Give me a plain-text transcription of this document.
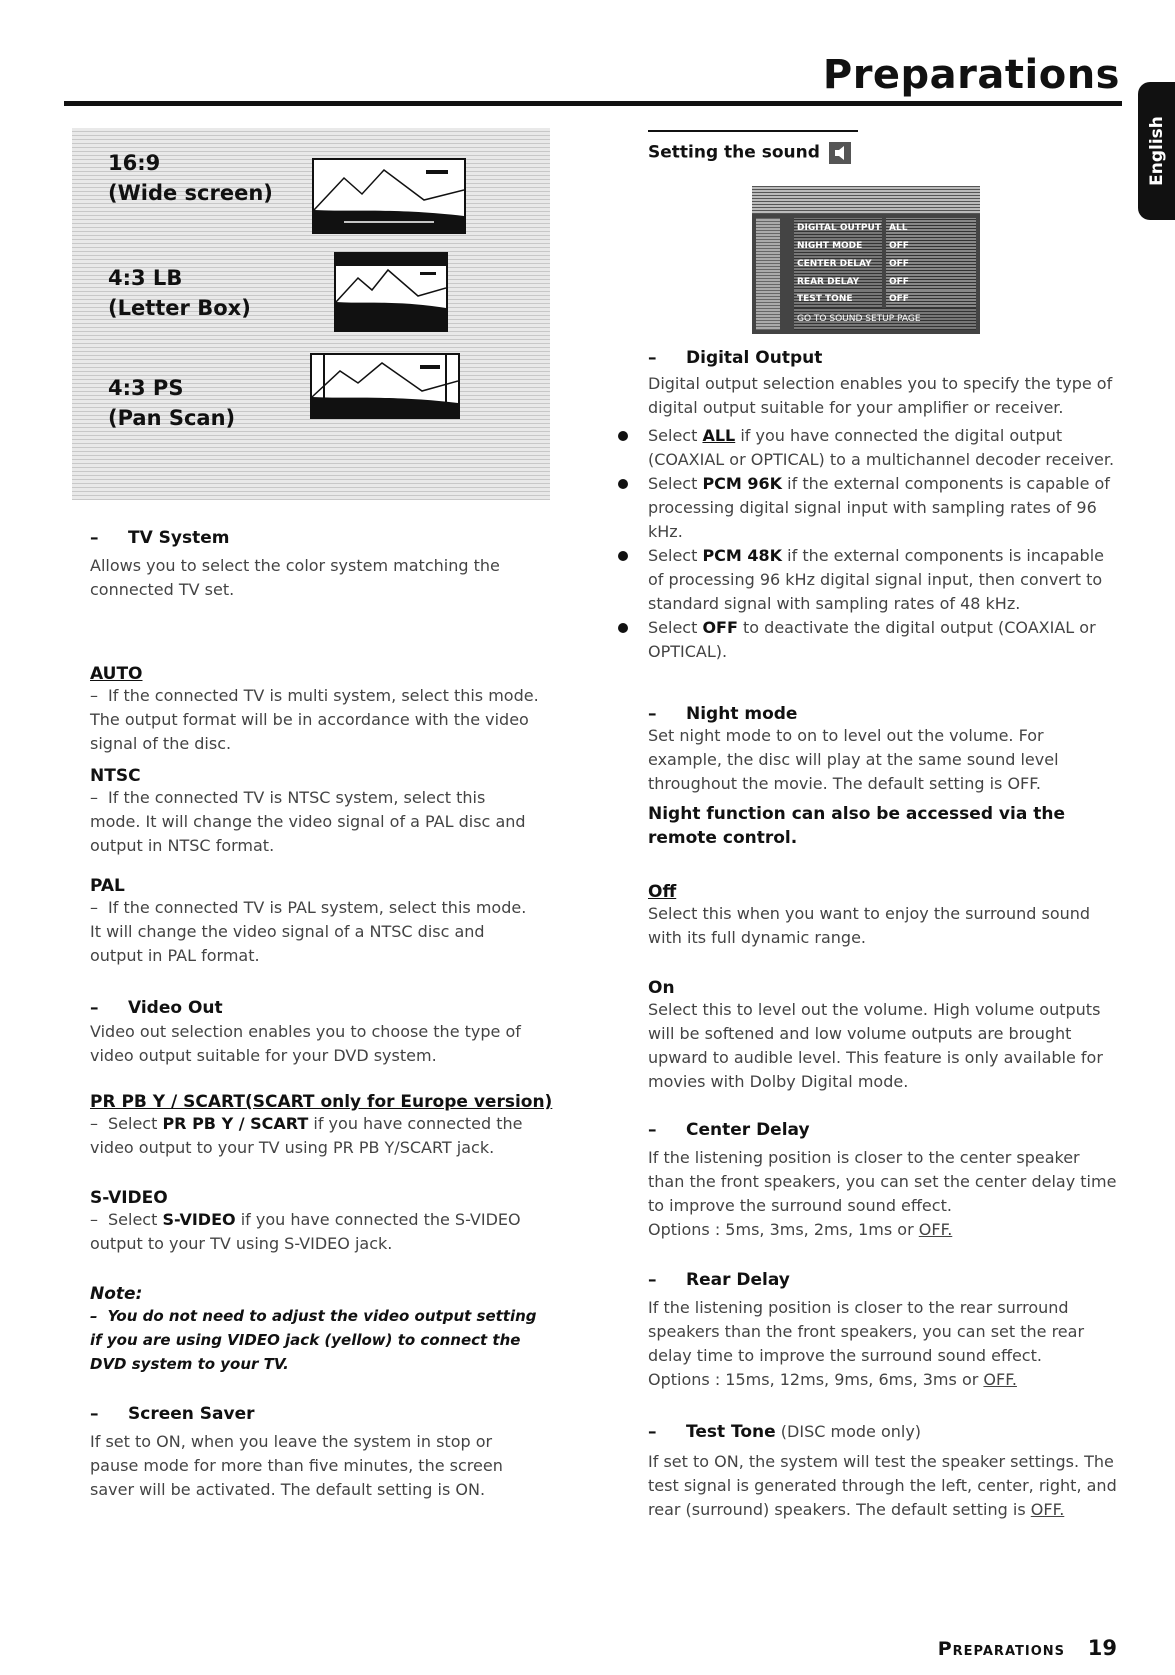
Preparations
English
16:9
(Wide screen)
4:3 LB
(Letter Box)
4:3 PS
(Pan Scan)
– TV System
Allows you to select the color system matching the connected TV set.
AUTO
– If the connected TV is multi system, select this mode. The output format will be in accordance with the video signal of the disc.
NTSC
– If the connected TV is NTSC system, select this mode. It will change the video signal of a PAL disc and output in NTSC format.
PAL
– If the connected TV is PAL system, select this mode. It will change the video signal of a NTSC disc and output in PAL format.
– Video Out
Video out selection enables you to choose the type of video output suitable for your DVD system.
PR PB Y / SCART(SCART only for Europe version)
– Select PR PB Y / SCART if you have connected the video output to your TV using PR PB Y/SCART jack.
S-VIDEO
– Select S-VIDEO if you have connected the S-VIDEO output to your TV using S-VIDEO jack.
Note:
– You do not need to adjust the video output setting if you are using VIDEO jack (yellow) to connect the DVD system to your TV.
– Screen Saver
If set to ON, when you leave the system in stop or pause mode for more than five minutes, the screen saver will be activated. The default setting is ON.
Setting the sound
DIGITAL OUTPUT ALL
NIGHT MODE	OFF
CENTER DELAY	OFF
REAR DELAY	OFF
TEST TONE	OFF
GO TO SOUND SETUP PAGE
– Digital Output
Digital output selection enables you to specify the type of digital output suitable for your amplifier or receiver.
Select ALL if you have connected the digital output (COAXIAL or OPTICAL) to a multichannel decoder receiver.
Select PCM 96K if the external components is capable of processing digital signal input with sampling rates of 96 kHz.
Select PCM 48K if the external components is incapable of processing 96 kHz digital signal input, then convert to standard signal with sampling rates of 48 kHz.
Select OFF to deactivate the digital output (COAXIAL or OPTICAL).
– Night mode
Set night mode to on to level out the volume. For example, the disc will play at the same sound level throughout the movie. The default setting is OFF.
Night function can also be accessed via the remote control.
Off
Select this when you want to enjoy the surround sound with its full dynamic range.
On
Select this to level out the volume. High volume outputs will be softened and low volume outputs are brought upward to audible level. This feature is only available for movies with Dolby Digital mode.
– Center Delay
If the listening position is closer to the center speaker than the front speakers, you can set the center delay time to improve the surround sound effect.
Options : 5ms, 3ms, 2ms, 1ms or OFF.
– Rear Delay
If the listening position is closer to the rear surround speakers than the front speakers, you can set the rear delay time to improve the surround sound effect.
Options : 15ms, 12ms, 9ms, 6ms, 3ms or OFF.
– Test Tone (DISC mode only)
If set to ON, the system will test the speaker settings. The test signal is generated through the left, center, right, and rear (surround) speakers. The default setting is OFF.
Preparations 19
